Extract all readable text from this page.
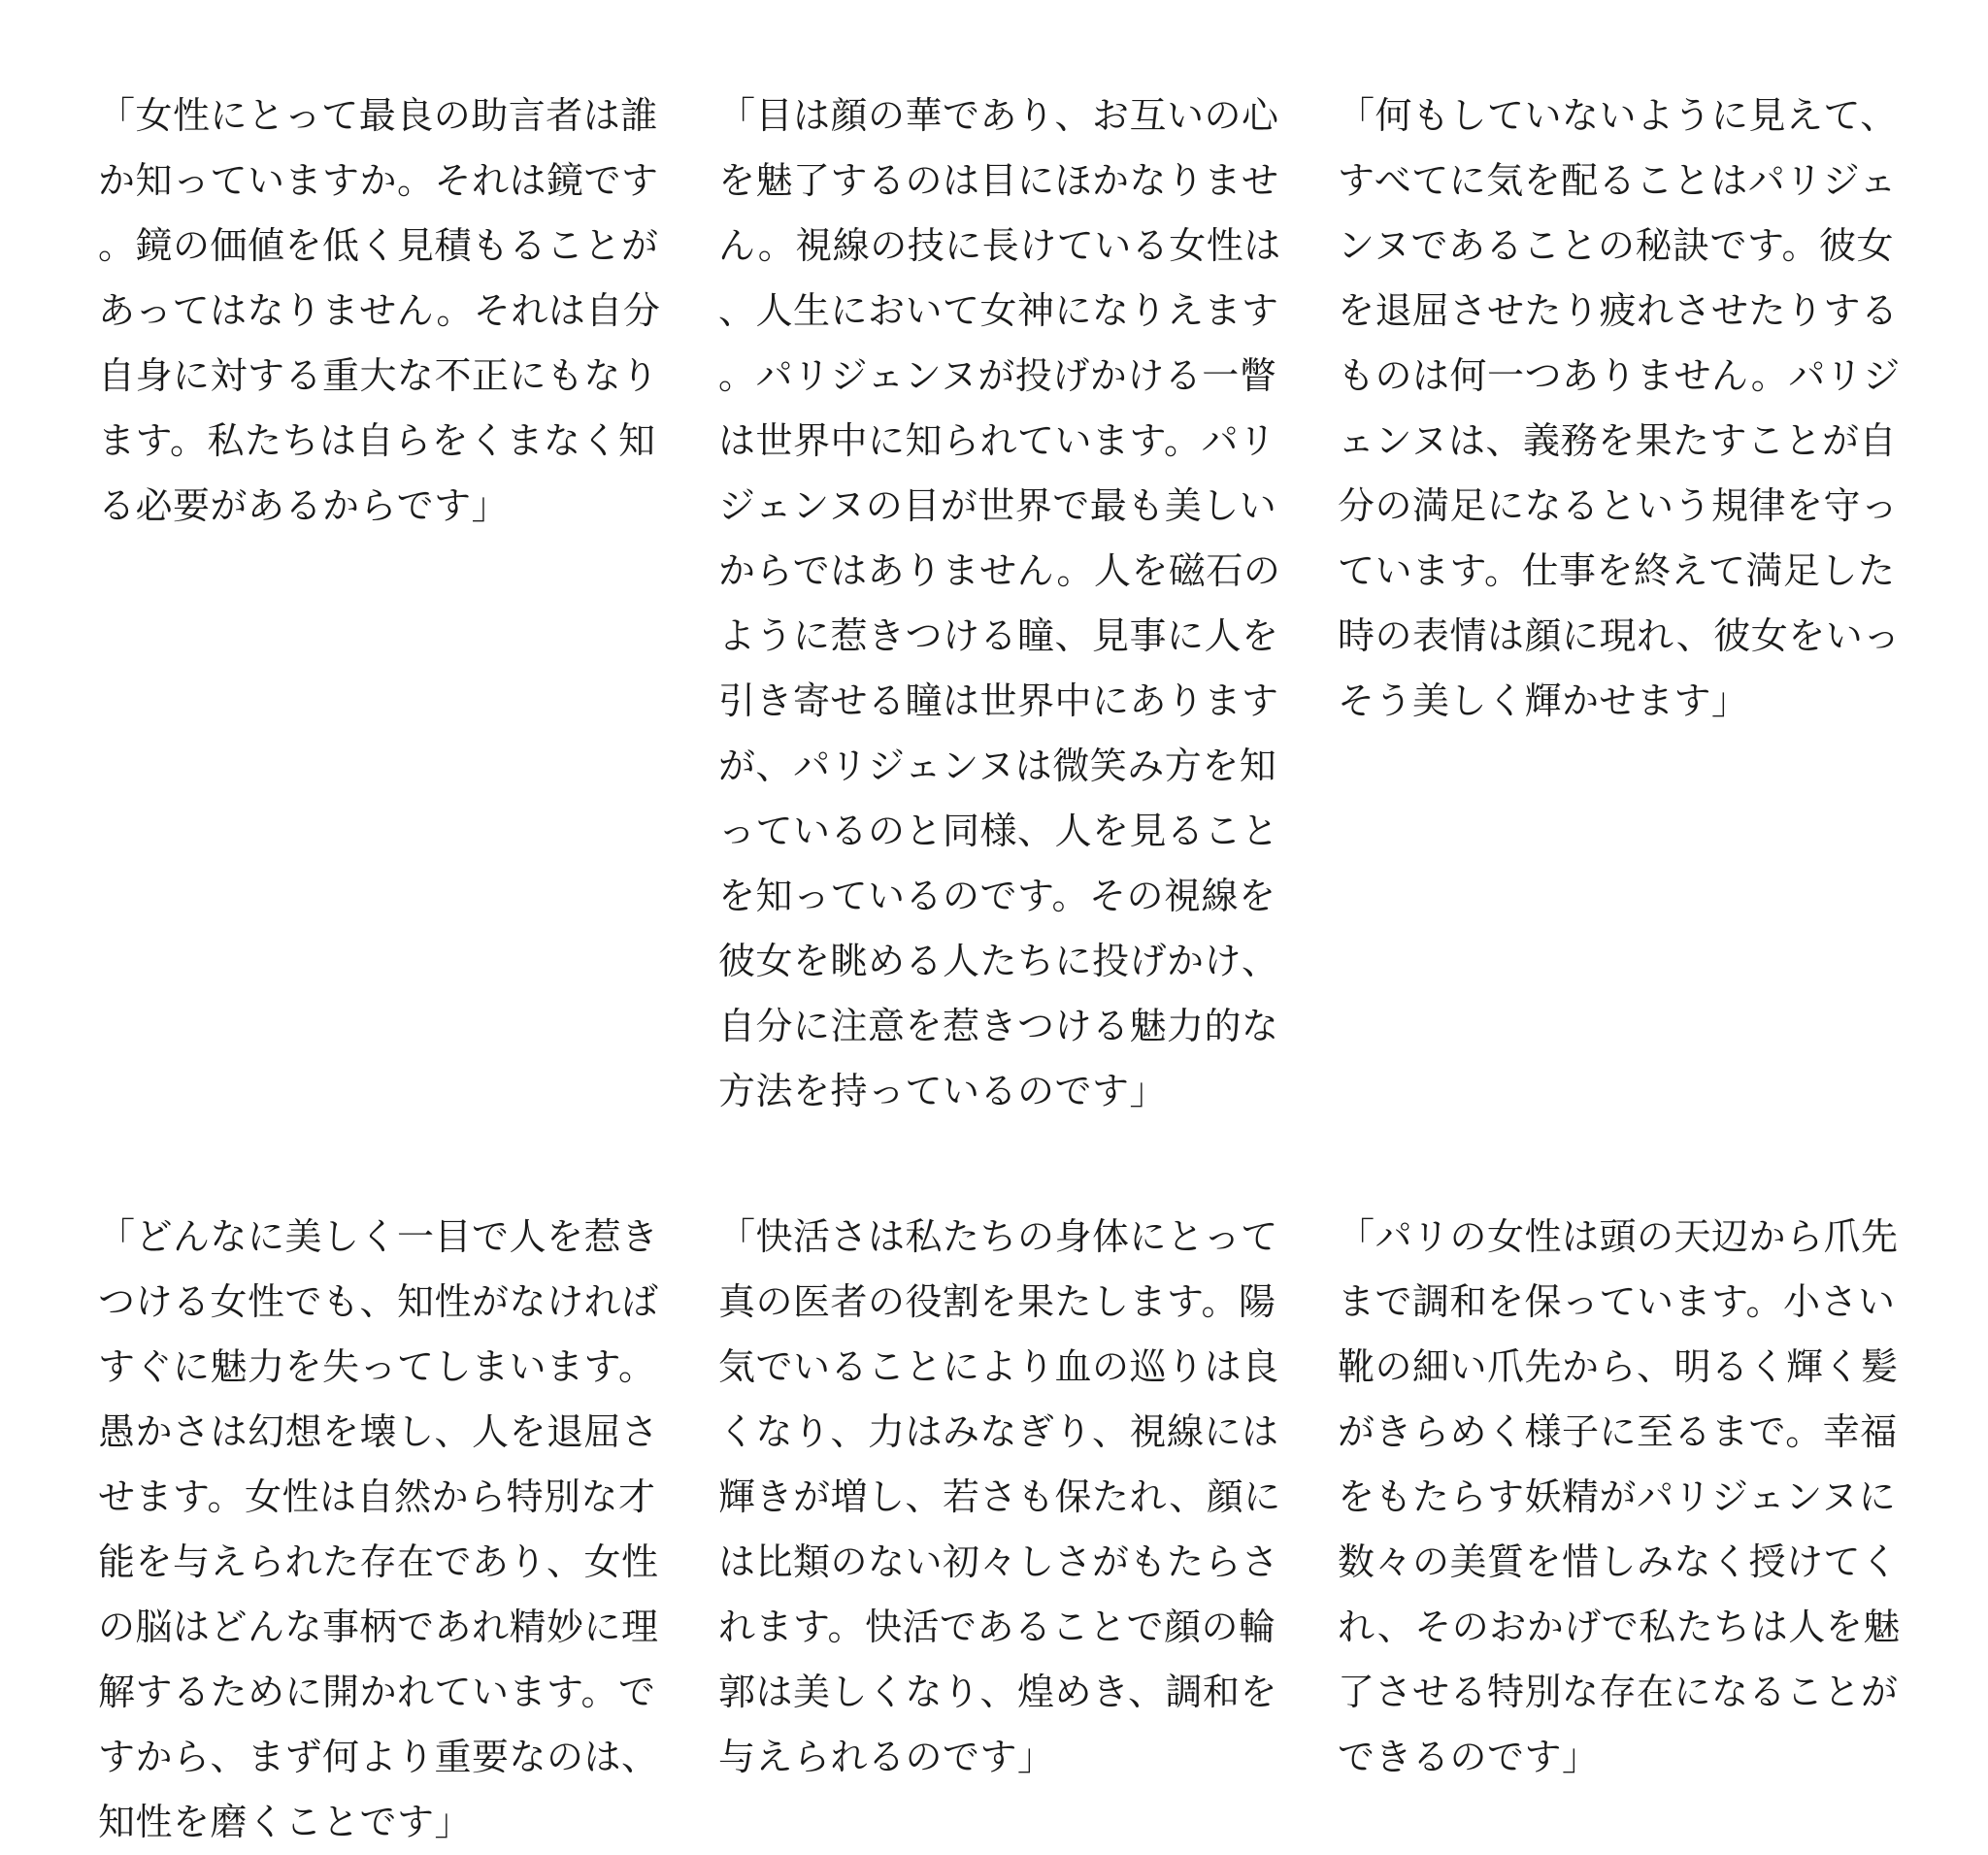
「女性にとって最良の助言者は誰か知っていますか。それは鏡です。鏡の価値を低く見積もることがあってはなりません。それは自分自身に対する重大な不正にもなります。私たちは自らをくまなく知る必要があるからです」

「目は顔の華であり、お互いの心を魅了するのは目にほかなりません。視線の技に長けている女性は、人生において女神になりえます。パリジェンヌが投げかける一瞥は世界中に知られています。パリジェンヌの目が世界で最も美しいからではありません。人を磁石のように惹きつける瞳、見事に人を引き寄せる瞳は世界中にありますが、パリジェンヌは微笑み方を知っているのと同様、人を見ることを知っているのです。その視線を彼女を眺める人たちに投げかけ、自分に注意を惹きつける魅力的な方法を持っているのです」

「何もしていないように見えて、すべてに気を配ることはパリジェンヌであることの秘訣です。彼女を退屈させたり疲れさせたりするものは何一つありません。パリジェンヌは、義務を果たすことが自分の満足になるという規律を守っています。仕事を終えて満足した時の表情は顔に現れ、彼女をいっそう美しく輝かせます」

「どんなに美しく一目で人を惹きつける女性でも、知性がなければすぐに魅力を失ってしまいます。愚かさは幻想を壊し、人を退屈させます。女性は自然から特別な才能を与えられた存在であり、女性の脳はどんな事柄であれ精妙に理解するために開かれています。ですから、まず何より重要なのは、知性を磨くことです」

「快活さは私たちの身体にとって真の医者の役割を果たします。陽気でいることにより血の巡りは良くなり、力はみなぎり、視線には輝きが増し、若さも保たれ、顔には比類のない初々しさがもたらされます。快活であることで顔の輪郭は美しくなり、煌めき、調和を与えられるのです」

「パリの女性は頭の天辺から爪先まで調和を保っています。小さい靴の細い爪先から、明るく輝く髪がきらめく様子に至るまで。幸福をもたらす妖精がパリジェンヌに数々の美質を惜しみなく授けてくれ、そのおかげで私たちは人を魅了させる特別な存在になることができるのです」
